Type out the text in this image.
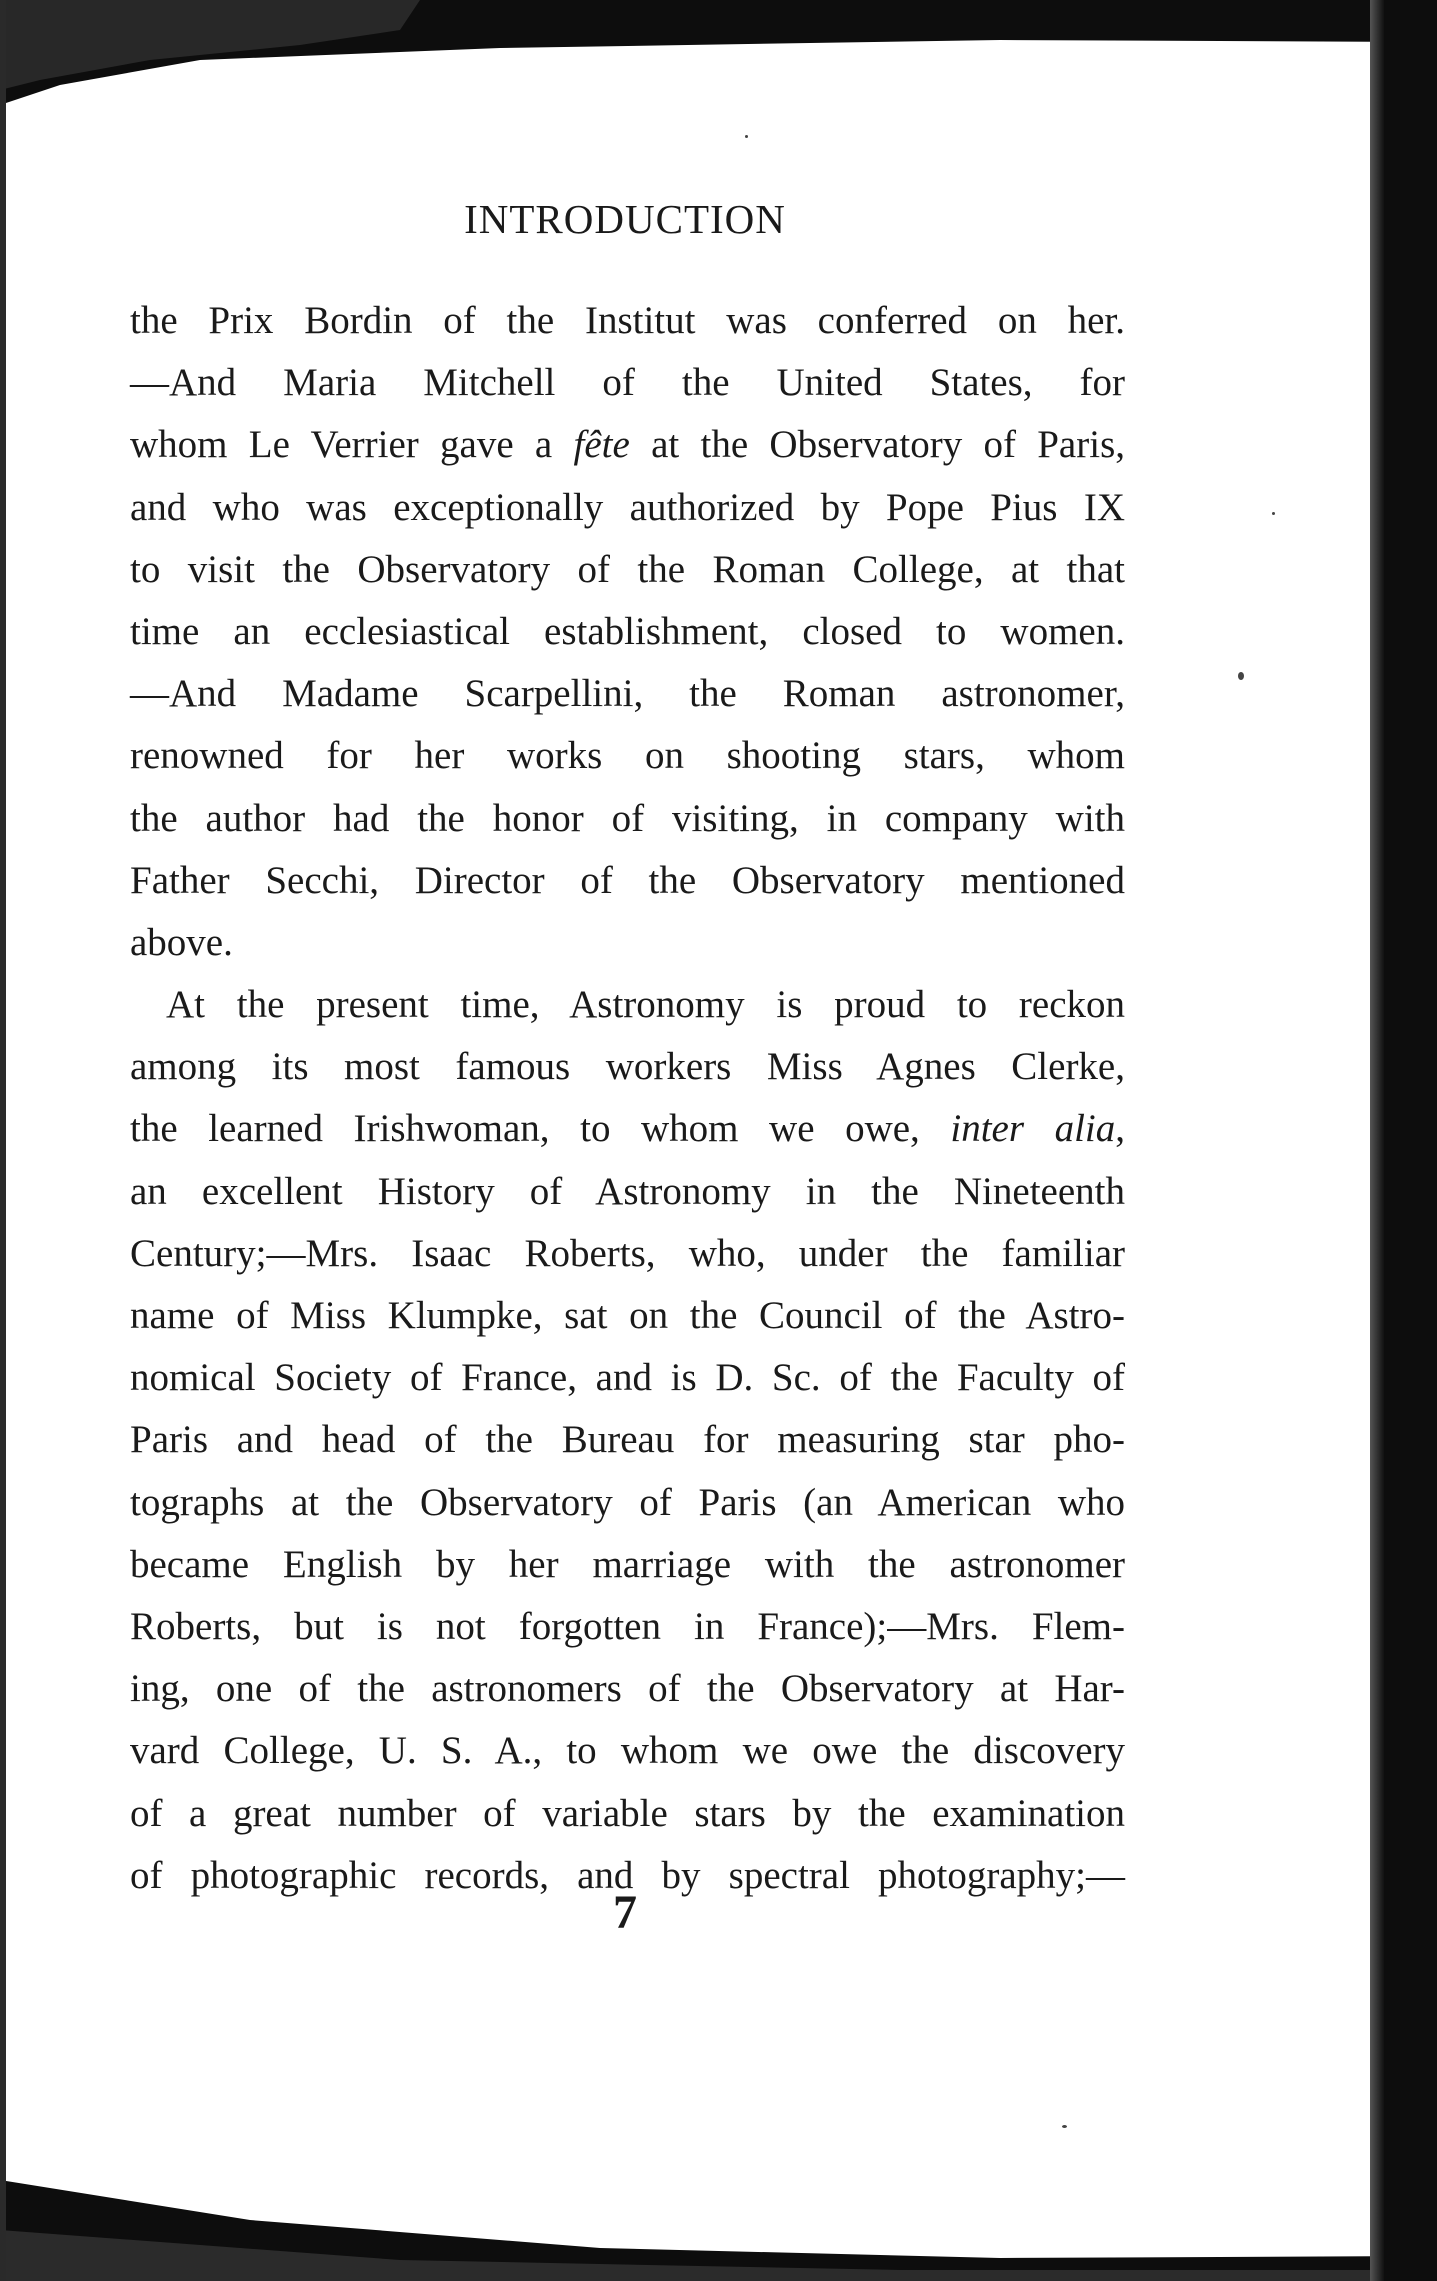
INTRODUCTION

the Prix Bordin of the Institut was conferred on her.
—And Maria Mitchell of the United States, for
whom Le Verrier gave a fête at the Observatory of Paris,
and who was exceptionally authorized by Pope Pius IX
to visit the Observatory of the Roman College, at that
time an ecclesiastical establishment, closed to women.
—And Madame Scarpellini, the Roman astronomer,
renowned for her works on shooting stars, whom
the author had the honor of visiting, in company with
Father Secchi, Director of the Observatory mentioned
above.

At the present time, Astronomy is proud to reckon
among its most famous workers Miss Agnes Clerke,
the learned Irishwoman, to whom we owe, inter alia,
an excellent History of Astronomy in the Nineteenth
Century;—Mrs. Isaac Roberts, who, under the familiar
name of Miss Klumpke, sat on the Council of the Astro-
nomical Society of France, and is D. Sc. of the Faculty of
Paris and head of the Bureau for measuring star pho-
tographs at the Observatory of Paris (an American who
became English by her marriage with the astronomer
Roberts, but is not forgotten in France);—Mrs. Flem-
ing, one of the astronomers of the Observatory at Har-
vard College, U. S. A., to whom we owe the discovery
of a great number of variable stars by the examination
of photographic records, and by spectral photography;—

7
